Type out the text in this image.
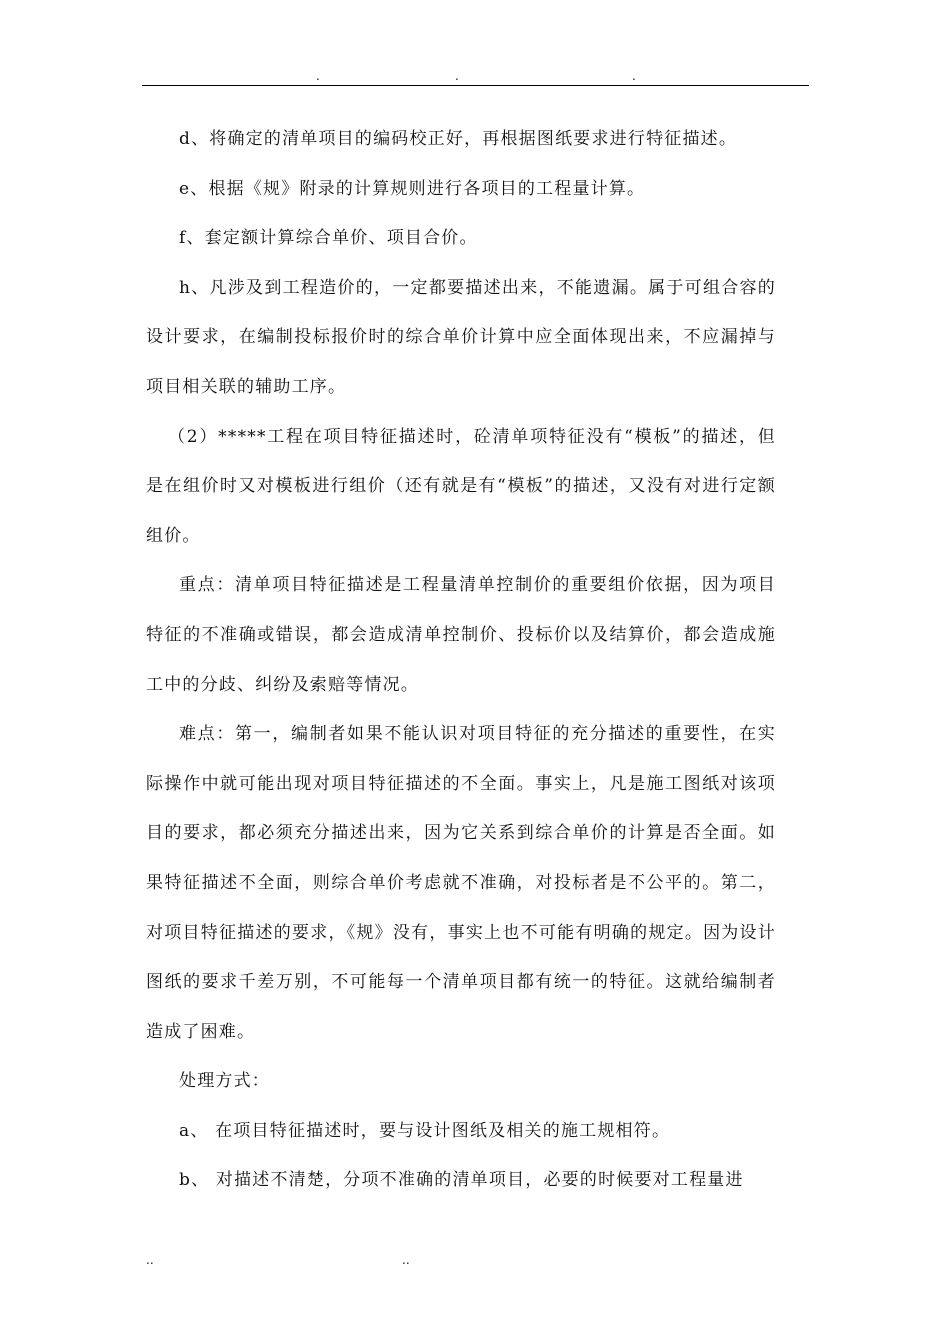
.	.	.

d、将确定的清单项目的编码校正好，再根据图纸要求进行特征描述。

e、根据《规》附录的计算规则进行各项目的工程量计算。

f、套定额计算综合单价、项目合价。

h、凡涉及到工程造价的，一定都要描述出来，不能遗漏。属于可组合容的设计要求，在编制投标报价时的综合单价计算中应全面体现出来，不应漏掉与项目相关联的辅助工序。

（2）*****工程在项目特征描述时，砼清单项特征没有“模板”的描述，但是在组价时又对模板进行组价（还有就是有“模板”的描述，又没有对进行定额组价。

重点：清单项目特征描述是工程量清单控制价的重要组价依据，因为项目特征的不准确或错误，都会造成清单控制价、投标价以及结算价，都会造成施工中的分歧、纠纷及索赔等情况。

难点：第一，编制者如果不能认识对项目特征的充分描述的重要性，在实际操作中就可能出现对项目特征描述的不全面。事实上，凡是施工图纸对该项目的要求，都必须充分描述出来，因为它关系到综合单价的计算是否全面。如果特征描述不全面，则综合单价考虑就不准确，对投标者是不公平的。第二，对项目特征描述的要求，《规》没有，事实上也不可能有明确的规定。因为设计图纸的要求千差万别，不可能每一个清单项目都有统一的特征。这就给编制者造成了困难。

处理方式：

a、 在项目特征描述时，要与设计图纸及相关的施工规相符。

b、 对描述不清楚，分项不准确的清单项目，必要的时候要对工程量进

..	..
